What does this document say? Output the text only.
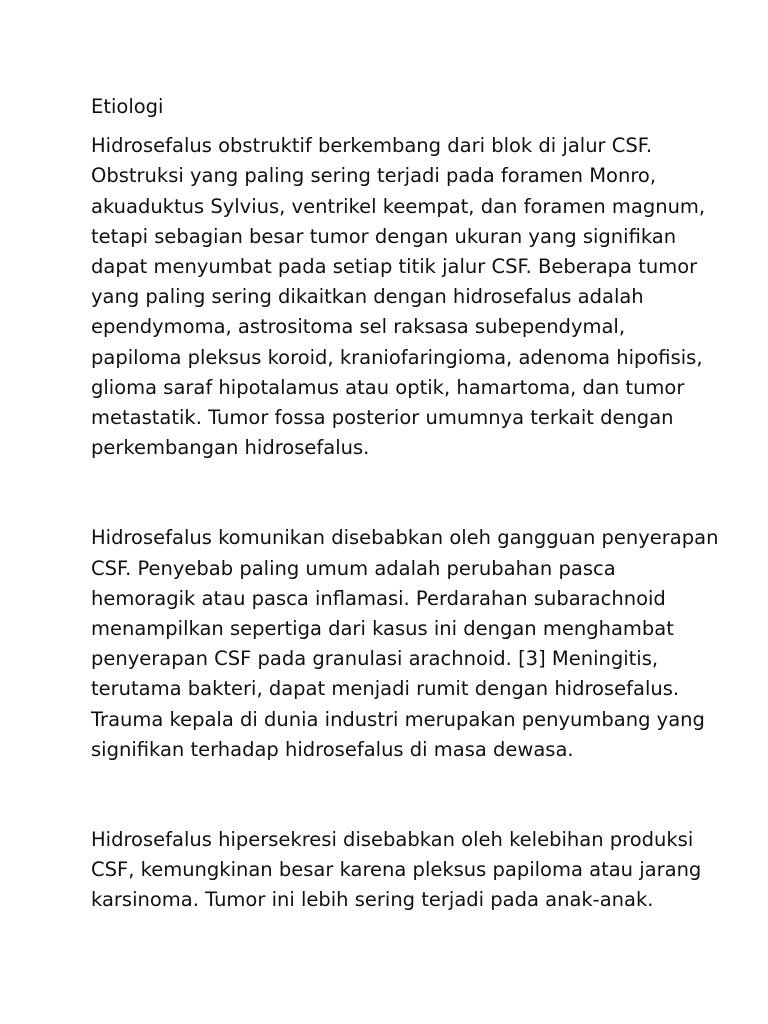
Etiologi

Hidrosefalus obstruktif berkembang dari blok di jalur CSF.
Obstruksi yang paling sering terjadi pada foramen Monro,
akuaduktus Sylvius, ventrikel keempat, dan foramen magnum,
tetapi sebagian besar tumor dengan ukuran yang signifikan
dapat menyumbat pada setiap titik jalur CSF. Beberapa tumor
yang paling sering dikaitkan dengan hidrosefalus adalah
ependymoma, astrositoma sel raksasa subependymal,
papiloma pleksus koroid, kraniofaringioma, adenoma hipofisis,
glioma saraf hipotalamus atau optik, hamartoma, dan tumor
metastatik. Tumor fossa posterior umumnya terkait dengan
perkembangan hidrosefalus.

Hidrosefalus komunikan disebabkan oleh gangguan penyerapan
CSF. Penyebab paling umum adalah perubahan pasca
hemoragik atau pasca inflamasi. Perdarahan subarachnoid
menampilkan sepertiga dari kasus ini dengan menghambat
penyerapan CSF pada granulasi arachnoid. [3] Meningitis,
terutama bakteri, dapat menjadi rumit dengan hidrosefalus.
Trauma kepala di dunia industri merupakan penyumbang yang
signifikan terhadap hidrosefalus di masa dewasa.

Hidrosefalus hipersekresi disebabkan oleh kelebihan produksi
CSF, kemungkinan besar karena pleksus papiloma atau jarang
karsinoma. Tumor ini lebih sering terjadi pada anak-anak.
